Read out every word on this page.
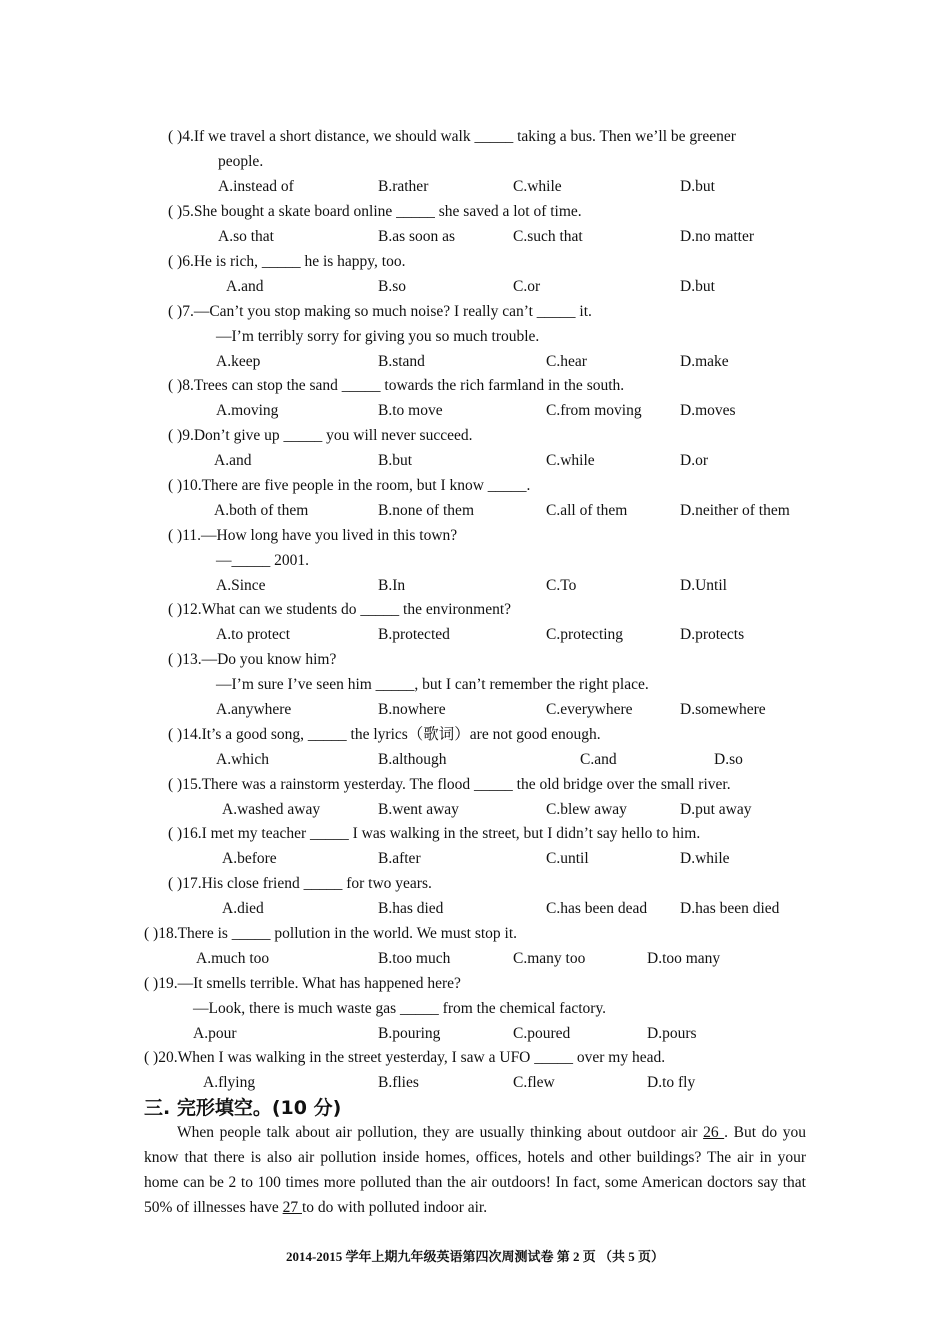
( )4.If we travel a short distance, we should walk _____ taking a bus. Then we’ll be greener
people.
A.instead of	B.rather	C.while	D.but
( )5.She bought a skate board online _____ she saved a lot of time.
A.so that	B.as soon as	C.such that	D.no matter
( )6.He is rich, _____ he is happy, too.
A.and	B.so	C.or	D.but
( )7.—Can’t you stop making so much noise? I really can’t _____ it.
—I’m terribly sorry for giving you so much trouble.
A.keep	B.stand	C.hear	D.make
( )8.Trees can stop the sand _____ towards the rich farmland in the south.
A.moving	B.to move	C.from moving D.moves
( )9.Don’t give up _____ you will never succeed.
A.and	B.but	C.while	D.or
( )10.There are five people in the room, but I know _____.
A.both of them	B.none of them	C.all of them	D.neither of them
( )11.—How long have you lived in this town?
—_____ 2001.
A.Since	B.In	C.To	D.Until
( )12.What can we students do _____ the environment?
A.to protect	B.protected	C.protecting	D.protects
( )13.—Do you know him?
—I’m sure I’ve seen him _____, but I can’t remember the right place.
A.anywhere	B.nowhere	C.everywhere	D.somewhere
( )14.It’s a good song, _____ the lyrics（歌词）are not good enough.
A.which	B.although	C.and	D.so
( )15.There was a rainstorm yesterday. The flood _____ the old bridge over the small river.
A.washed away	B.went away	C.blew away	D.put away
( )16.I met my teacher _____ I was walking in the street, but I didn’t say hello to him.
A.before	B.after	C.until	D.while
( )17.His close friend _____ for two years.
A.died	B.has died	C.has been dead D.has been died
( )18.There is _____ pollution in the world. We must stop it.
A.much too	B.too much	C.many too	D.too many
( )19.—It smells terrible. What has happened here?
—Look, there is much waste gas _____ from the chemical factory.
A.pour	B.pouring	C.poured	D.pours
( )20.When I was walking in the street yesterday, I saw a UFO _____ over my head.
A.flying	B.flies	C.flew	D.to fly
三. 完形填空。(10 分)
When people talk about air pollution, they are usually thinking about outdoor air 26 . But do you know that there is also air pollution inside homes, offices, hotels and other buildings? The air in your home can be 2 to 100 times more polluted than the air outdoors! In fact, some American doctors say that 50% of illnesses have 27 to do with polluted indoor air.
2014-2015 学年上期九年级英语第四次周测试卷 第 2 页 （共 5 页）
